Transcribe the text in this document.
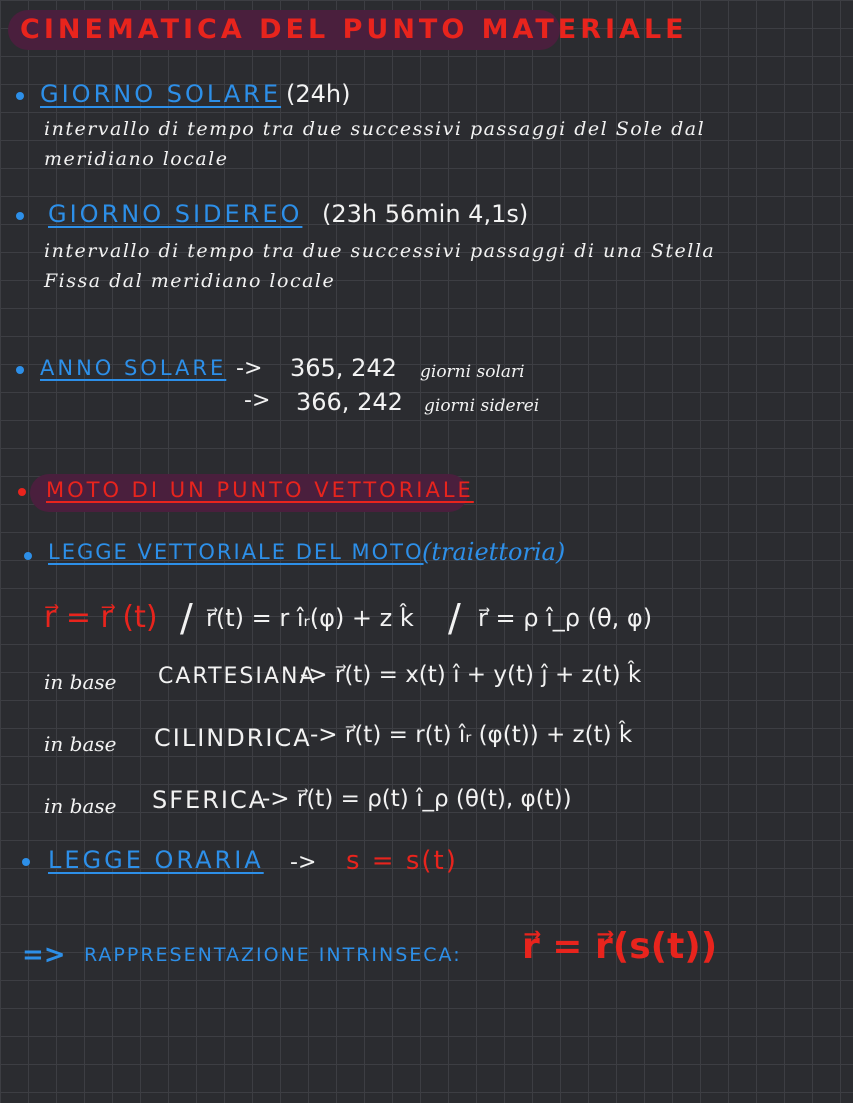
CINEMATICA DEL PUNTO MATERIALE
GIORNO SOLARE (24h)
intervallo di tempo tra due successivi passaggi del Sole dal
meridiano locale
GIORNO SIDEREO (23h 56min 4,1s)
intervallo di tempo tra due successivi passaggi di una Stella
Fissa dal meridiano locale
ANNO SOLARE -> 365, 242 giorni solari
-> 366, 242 giorni siderei
MOTO DI UN PUNTO VETTORIALE
LEGGE VETTORIALE DEL MOTO
(traiettoria)
r⃗ = r⃗ (t) / r⃗(t) = r îᵣ(φ) + z k̂ / r⃗ = ρ î_ρ (θ, φ)
in base CARTESIANA
-> r⃗(t) = x(t) î + y(t) ĵ + z(t) k̂
in base CILINDRICA
-> r⃗(t) = r(t) îᵣ (φ(t)) + z(t) k̂
in base SFERICA
-> r⃗(t) = ρ(t) î_ρ (θ(t), φ(t))
LEGGE ORARIA -> s = s(t)
=> RAPPRESENTAZIONE INTRINSECA: r⃗ = r⃗(s(t))
